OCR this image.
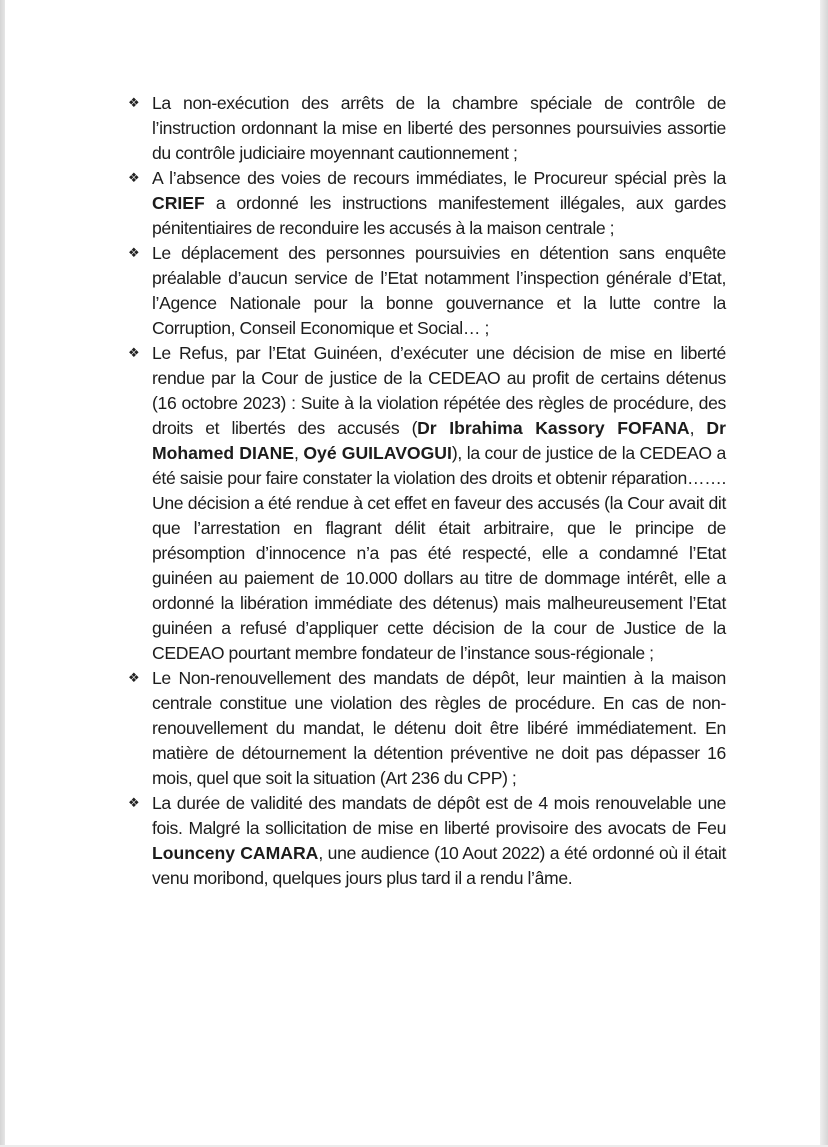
❖ La non-exécution des arrêts de la chambre spéciale de contrôle de l’instruction ordonnant la mise en liberté des personnes poursuivies assortie du contrôle judiciaire moyennant cautionnement ;
❖ A l’absence des voies de recours immédiates, le Procureur spécial près la CRIEF a ordonné les instructions manifestement illégales, aux gardes pénitentiaires de reconduire les accusés à la maison centrale ;
❖ Le déplacement des personnes poursuivies en détention sans enquête préalable d’aucun service de l’Etat notamment l’inspection générale d’Etat, l’Agence Nationale pour la bonne gouvernance et la lutte contre la Corruption, Conseil Economique et Social… ;
❖ Le Refus, par l’Etat Guinéen, d’exécuter une décision de mise en liberté rendue par la Cour de justice de la CEDEAO au profit de certains détenus (16 octobre 2023) : Suite à la violation répétée des règles de procédure, des droits et libertés des accusés (Dr Ibrahima Kassory FOFANA, Dr Mohamed DIANE, Oyé GUILAVOGUI), la cour de justice de la CEDEAO a été saisie pour faire constater la violation des droits et obtenir réparation……. Une décision a été rendue à cet effet en faveur des accusés (la Cour avait dit que l’arrestation en flagrant délit était arbitraire, que le principe de présomption d’innocence n’a pas été respecté, elle a condamné l’Etat guinéen au paiement de 10.000 dollars au titre de dommage intérêt, elle a ordonné la libération immédiate des détenus) mais malheureusement l’Etat guinéen a refusé d’appliquer cette décision de la cour de Justice de la CEDEAO pourtant membre fondateur de l’instance sous-régionale ;
❖ Le Non-renouvellement des mandats de dépôt, leur maintien à la maison centrale constitue une violation des règles de procédure. En cas de non-renouvellement du mandat, le détenu doit être libéré immédiatement. En matière de détournement la détention préventive ne doit pas dépasser 16 mois, quel que soit la situation (Art 236 du CPP) ;
❖ La durée de validité des mandats de dépôt est de 4 mois renouvelable une fois. Malgré la sollicitation de mise en liberté provisoire des avocats de Feu Lounceny CAMARA, une audience (10 Aout 2022) a été ordonné où il était venu moribond, quelques jours plus tard il a rendu l’âme.
